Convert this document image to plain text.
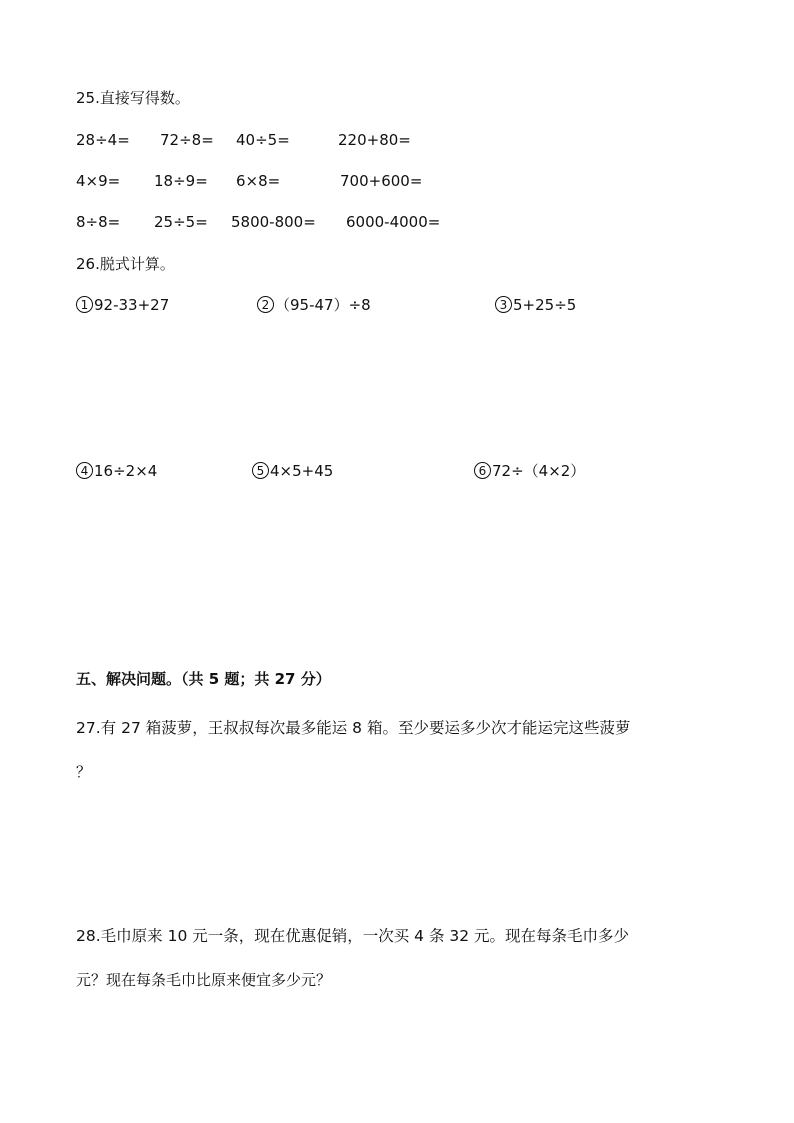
25.直接写得数。
28÷4= 72÷8= 40÷5=	220+80=
4×9= 18÷9= 6×8=	700+600=
8÷8= 25÷5= 5800-800= 6000-4000=
26.脱式计算。
1 92-33+27	2 （95-47）÷8	3 5+25÷5
4 16÷2×4	5 4×5+45	6 72÷（4×2）
五、解决问题。（共 5 题；共 27 分）
27.有 27 箱菠萝，王叔叔每次最多能运 8 箱。至少要运多少次才能运完这些菠萝
？
28.毛巾原来 10 元一条，现在优惠促销，一次买 4 条 32 元。现在每条毛巾多少
元？现在每条毛巾比原来便宜多少元？
